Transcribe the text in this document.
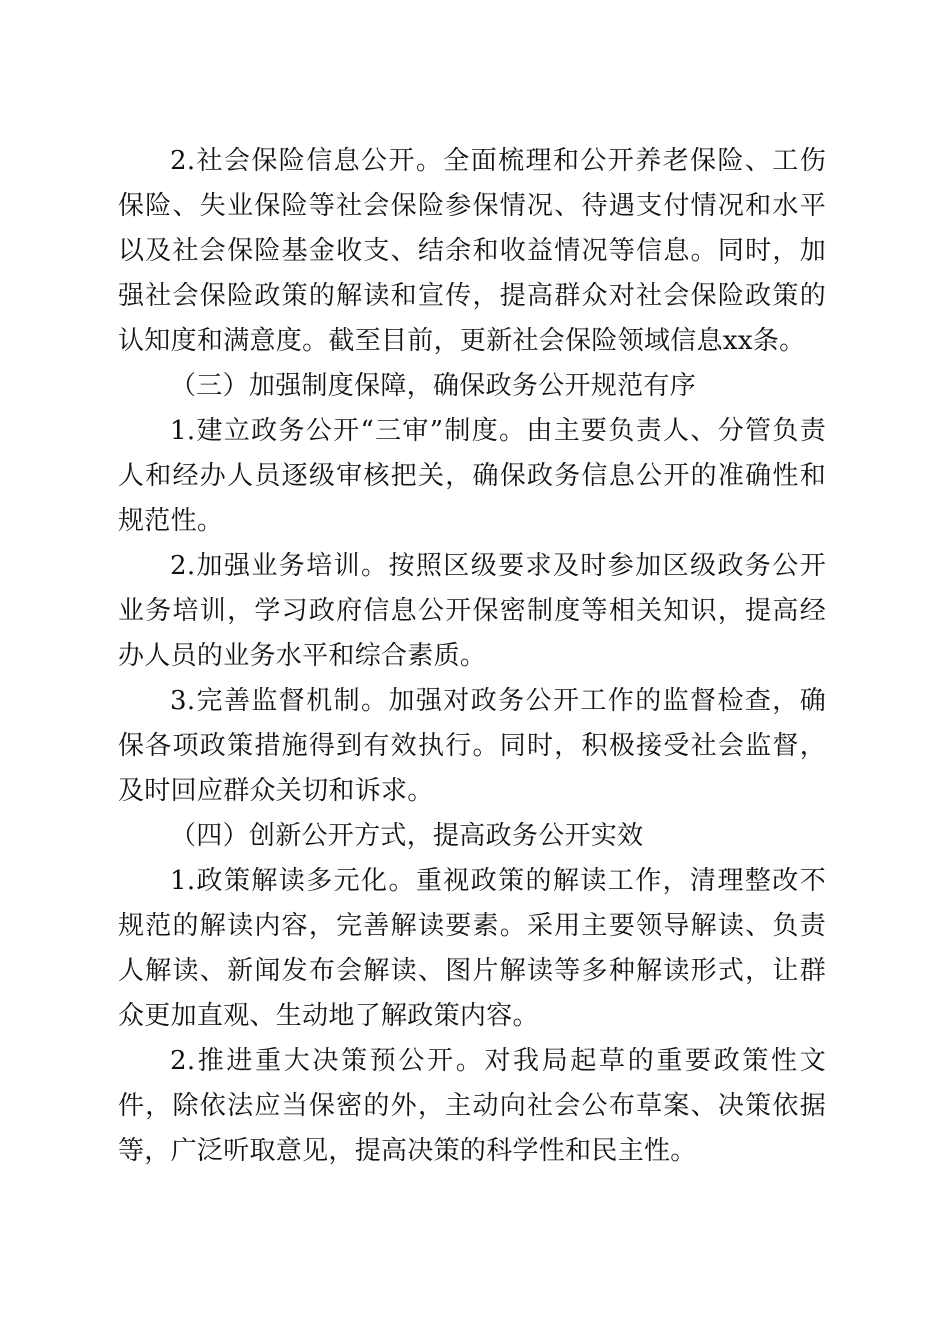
2.社会保险信息公开。全面梳理和公开养老保险、工伤保险、失业保险等社会保险参保情况、待遇支付情况和水平以及社会保险基金收支、结余和收益情况等信息。同时，加强社会保险政策的解读和宣传，提高群众对社会保险政策的认知度和满意度。截至目前，更新社会保险领域信息xx条。

（三）加强制度保障，确保政务公开规范有序

1.建立政务公开“三审”制度。由主要负责人、分管负责人和经办人员逐级审核把关，确保政务信息公开的准确性和规范性。

2.加强业务培训。按照区级要求及时参加区级政务公开业务培训，学习政府信息公开保密制度等相关知识，提高经办人员的业务水平和综合素质。

3.完善监督机制。加强对政务公开工作的监督检查，确保各项政策措施得到有效执行。同时，积极接受社会监督，及时回应群众关切和诉求。

（四）创新公开方式，提高政务公开实效

1.政策解读多元化。重视政策的解读工作，清理整改不规范的解读内容，完善解读要素。采用主要领导解读、负责人解读、新闻发布会解读、图片解读等多种解读形式，让群众更加直观、生动地了解政策内容。

2.推进重大决策预公开。对我局起草的重要政策性文件，除依法应当保密的外，主动向社会公布草案、决策依据等，广泛听取意见，提高决策的科学性和民主性。
